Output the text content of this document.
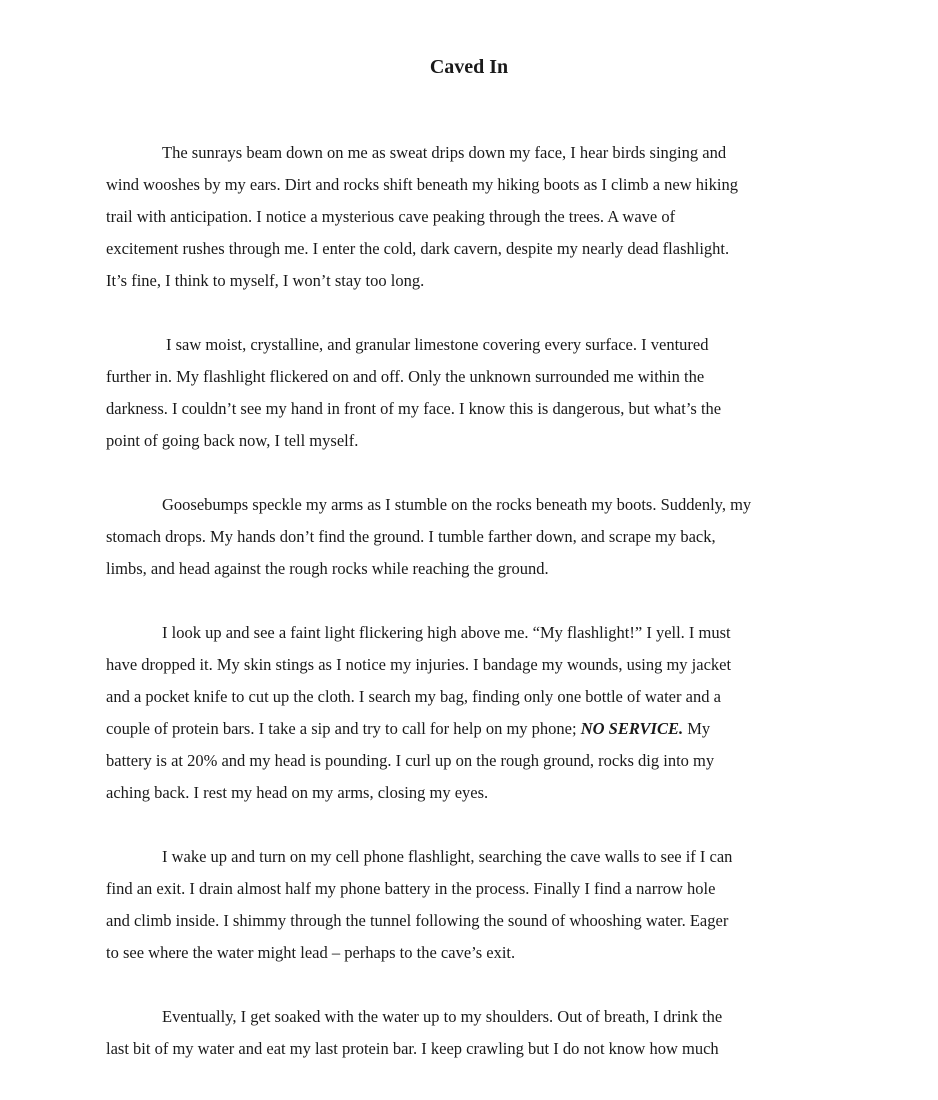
Caved In

The sunrays beam down on me as sweat drips down my face, I hear birds singing and
wind wooshes by my ears. Dirt and rocks shift beneath my hiking boots as I climb a new hiking
trail with anticipation. I notice a mysterious cave peaking through the trees. A wave of
excitement rushes through me. I enter the cold, dark cavern, despite my nearly dead flashlight.
It’s fine, I think to myself, I won’t stay too long.

I saw moist, crystalline, and granular limestone covering every surface. I ventured
further in. My flashlight flickered on and off. Only the unknown surrounded me within the
darkness. I couldn’t see my hand in front of my face. I know this is dangerous, but what’s the
point of going back now, I tell myself.

Goosebumps speckle my arms as I stumble on the rocks beneath my boots. Suddenly, my
stomach drops. My hands don’t find the ground. I tumble farther down, and scrape my back,
limbs, and head against the rough rocks while reaching the ground.

I look up and see a faint light flickering high above me. “My flashlight!” I yell. I must
have dropped it. My skin stings as I notice my injuries. I bandage my wounds, using my jacket
and a pocket knife to cut up the cloth. I search my bag, finding only one bottle of water and a
couple of protein bars. I take a sip and try to call for help on my phone; NO SERVICE. My
battery is at 20% and my head is pounding. I curl up on the rough ground, rocks dig into my
aching back. I rest my head on my arms, closing my eyes.

I wake up and turn on my cell phone flashlight, searching the cave walls to see if I can
find an exit. I drain almost half my phone battery in the process. Finally I find a narrow hole
and climb inside. I shimmy through the tunnel following the sound of whooshing water. Eager
to see where the water might lead – perhaps to the cave’s exit.

Eventually, I get soaked with the water up to my shoulders. Out of breath, I drink the
last bit of my water and eat my last protein bar. I keep crawling but I do not know how much
